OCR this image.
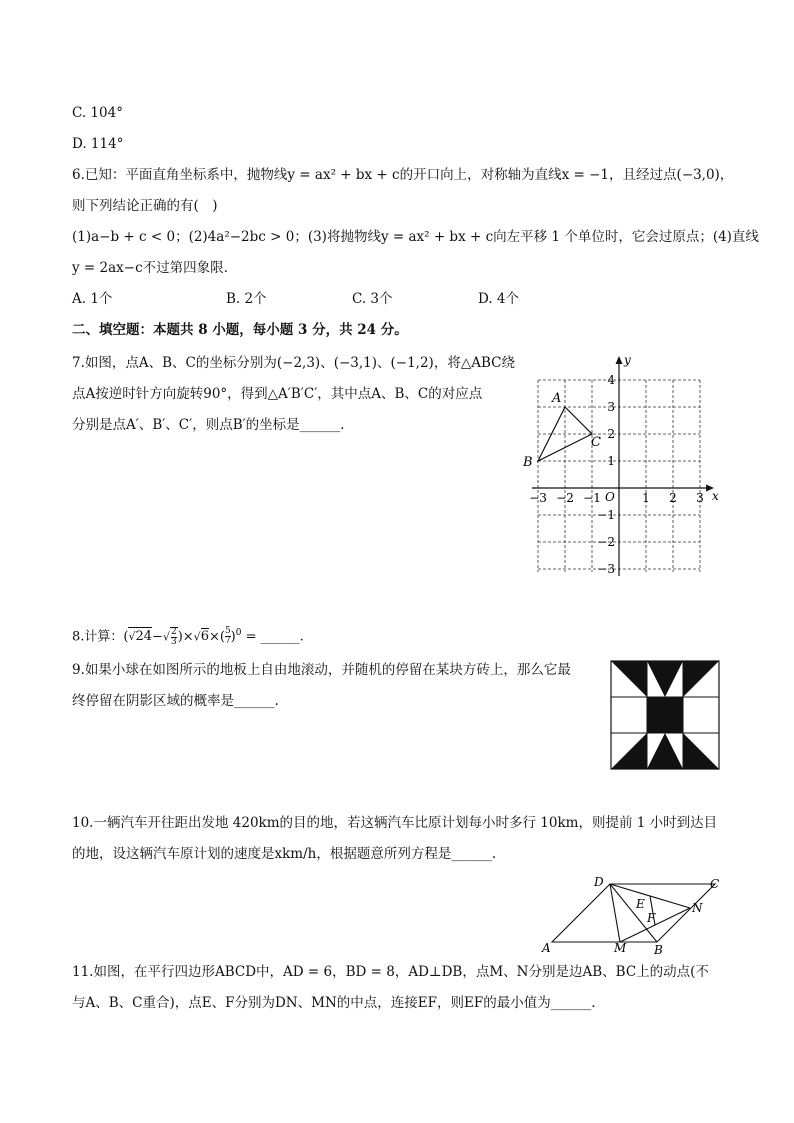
C. 104°
D. 114°
6.已知：平面直角坐标系中，抛物线y = ax² + bx + c的开口向上，对称轴为直线x = −1，且经过点(−3,0)，
则下列结论正确的有(　)
(1)a−b + c < 0；(2)4a²−2bc > 0；(3)将抛物线y = ax² + bx + c向左平移 1 个单位时，它会过原点；(4)直线
y = 2ax−c不过第四象限.
A. 1个	B. 2个	C. 3个	D. 4个
二、填空题：本题共 8 小题，每小题 3 分，共 24 分。
7.如图，点A、B、C的坐标分别为(−2,3)、(−3,1)、(−1,2)，将△ABC绕
点A按逆时针方向旋转90°，得到△A′B′C′，其中点A、B、C的对应点
分别是点A′、B′、C′，则点B′的坐标是______.
y
x
O
−3 −2 −1	1 2 3
4
3
2
1
−1
−2
−3
A
B
C
8.计算：$(√24-√ \frac{2}{3} )\times√6\times( \frac{5}{7} )^0$ = ______.
9.如果小球在如图所示的地板上自由地滚动，并随机的停留在某块方砖上，那么它最
终停留在阴影区域的概率是______.
10.一辆汽车开往距出发地 420km的目的地，若这辆汽车比原计划每小时多行 10km，则提前 1 小时到达目
的地，设这辆汽车原计划的速度是xkm/h，根据题意所列方程是______.
A	B
C
D
E
F
M
N
11.如图，在平行四边形ABCD中，AD = 6，BD = 8，AD⊥DB，点M、N分别是边AB、BC上的动点(不
与A、B、C重合)，点E、F分别为DN、MN的中点，连接EF，则EF的最小值为______.
